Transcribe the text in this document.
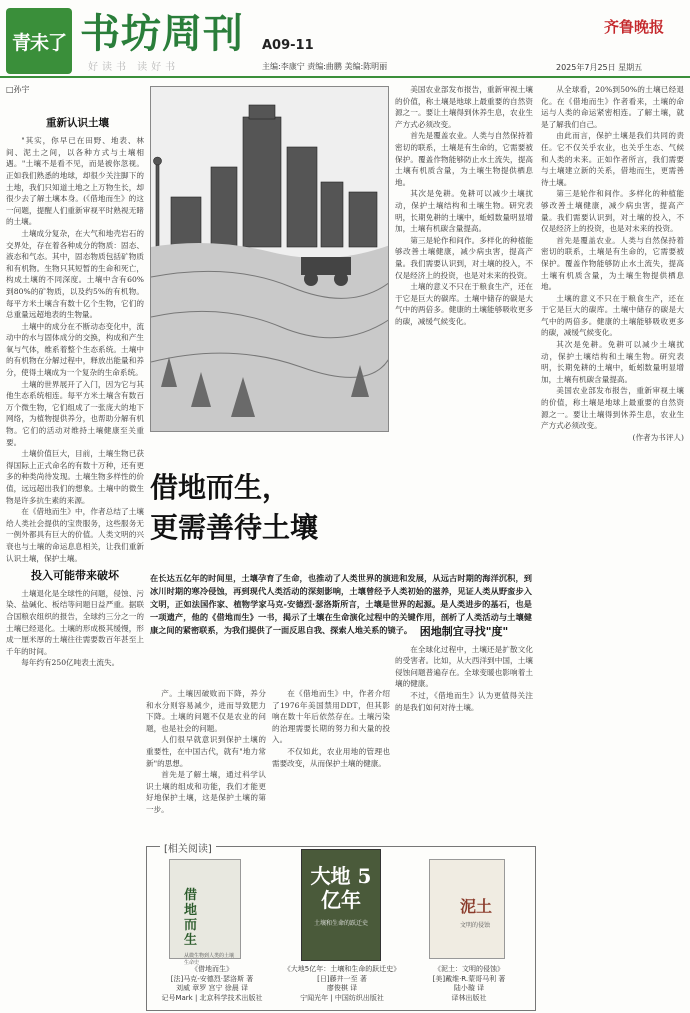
青未了 书坊周刊 A09-11
好读书 读好书	主编:李康宁 责编:曲鹏 美编:陈明丽
齐鲁晚报
2025年7月25日 星期五
□孙宇
重新认识土壤

"其实，你早已在田野、地表、林间、泥土之间，以各种方式与土壤相遇。"土壤不是看不见，而是被你忽视。正如我们熟悉的地球，却很少关注脚下的土地，我们只知道土地之上万物生长，却很少去了解土壤本身。(《借地而生》的这一问题，提醒人们重新审视平时熟视无睹的土壤。

土壤成分复杂，在大气和地壳岩石的交界处，存在着各种成分的物质：固态、液态和气态。其中，固态物质包括矿物质和有机物。生物只其短暂的生命和死亡，构成土壤的不同深度。土壤中含有60%到80%的矿物质，以及约5%的有机物。每平方米土壤含有数十亿个生物，它们的总重量远超地表的生物量。

土壤中的成分在不断动态变化中，流动中的水与固体成分的交换，构成和产生氧与气体，维系着整个生态系统。土壤中的有机物在分解过程中，释放出能量和养分，使得土壤成为一个复杂的生命系统。

土壤的世界展开了入门，因为它与其他生态系统相连。每平方米土壤含有数百万个微生物，它们组成了一张庞大的地下网络，为植物提供养分，也帮助分解有机物。它们的活动对维持土壤健康至关重要。

土壤价值巨大，目前，土壤生物已获得国际上正式命名的有数十万种，还有更多的种类尚待发现。土壤生物多样性的价值，远远超出我们的想象。土壤中的微生物是许多抗生素的来源。

在《借地而生》中，作者总结了土壤给人类社会提供的宝贵服务，这些服务无一例外都具有巨大的价值。人类文明的兴衰也与土壤的命运息息相关，让我们重新认识土壤，保护土壤。

投入可能带来破坏

土壤退化是全球性的问题，侵蚀、污染、盐碱化、板结等问题日益严重。据联合国粮农组织的报告，全球约三分之一的土壤已经退化。土壤的形成极其缓慢，形成一厘米厚的土壤往往需要数百年甚至上千年的时间。

每年约有250亿吨表土流失。

借地而生，
更需善待土壤

美国农业部发布报告，重新审视土壤的价值，称土壤是地球上最重要的自然资源之一。要让土壤得到休养生息，农业生产方式必须改变。

首先是覆盖农业。人类与自然保持着密切的联系，土壤是有生命的，它需要被保护。覆盖作物能够防止水土流失，提高土壤有机质含量，为土壤生物提供栖息地。

其次是免耕。免耕可以减少土壤扰动，保护土壤结构和土壤生物。研究表明，长期免耕的土壤中，蚯蚓数量明显增加，土壤有机碳含量提高。

第三是轮作和间作。多样化的种植能够改善土壤健康，减少病虫害，提高产量。我们需要认识到，对土壤的投入，不仅是经济上的投资，也是对未来的投资。

土壤的意义不只在于粮食生产，还在于它是巨大的碳库。土壤中储存的碳是大气中的两倍多。健康的土壤能够吸收更多的碳，减缓气候变化。

困地制宜寻找"度"

在全球化过程中，土壤还是扩散文化的受害者。比如，从大西洋到中国，土壤侵蚀问题普遍存在。全球变暖也影响着土壤的健康。

不过，《借地而生》认为更值得关注的是我们如何对待土壤。

从全球看，20%到50%的土壤已经退化。在《借地而生》作者看来，土壤的命运与人类的命运紧密相连。了解土壤，就是了解我们自己。

由此而言，保护土壤是我们共同的责任。它不仅关乎农业，也关乎生态、气候和人类的未来。正如作者所言，我们需要与土壤建立新的关系，借地而生，更需善待土壤。

第三是轮作和间作。多样化的种植能够改善土壤健康，减少病虫害，提高产量。我们需要认识到，对土壤的投入，不仅是经济上的投资，也是对未来的投资。

首先是覆盖农业。人类与自然保持着密切的联系，土壤是有生命的，它需要被保护。覆盖作物能够防止水土流失，提高土壤有机质含量，为土壤生物提供栖息地。

土壤的意义不只在于粮食生产，还在于它是巨大的碳库。土壤中储存的碳是大气中的两倍多。健康的土壤能够吸收更多的碳，减缓气候变化。

其次是免耕。免耕可以减少土壤扰动，保护土壤结构和土壤生物。研究表明，长期免耕的土壤中，蚯蚓数量明显增加，土壤有机碳含量提高。

美国农业部发布报告，重新审视土壤的价值，称土壤是地球上最重要的自然资源之一。要让土壤得到休养生息，农业生产方式必须改变。

(作者为书评人)

在长达五亿年的时间里，土壤孕育了生命，也推动了人类世界的演进和发展，从远古时期的海洋沉积，到冰川时期的寒冷侵蚀，再到现代人类活动的深刻影响，土壤曾经予人类初始的滋养，见证人类从野蛮步入文明，正如法国作家、植物学家马克-安德烈·瑟洛斯所言，土壤是世界的起源。是人类进步的基石，也是一项遗产，他的《借地而生》一书，揭示了土壤在生命演化过程中的关键作用，剖析了人类活动与土壤健康之间的紧密联系，为我们提供了一面反思自我、探索人地关系的镜子。

产。土壤因破败而下降，养分和水分则容易减少，进而导致肥力下降。土壤的问题不仅是农业的问题，也是社会的问题。

人们很早就意识到保护土壤的重要性，在中国古代，就有"地力常新"的思想。

首先是了解土壤，通过科学认识土壤的组成和功能，我们才能更好地保护土壤，这是保护土壤的第一步。

在《借地而生》中，作者介绍了1976年美国禁用DDT，但其影响在数十年后依然存在。土壤污染的治理需要长期的努力和大量的投入。

不仅如此，农业用地的管理也需要改变，从而保护土壤的健康。

借地而生
从微生物到人类的土壤生命史
《借地而生》
[法]马克-安德烈·瑟洛斯 著
刘威 章罗 宫宁 徐晨 译
记号Mark | 北京科学技术出版社
大地 5亿年
土壤和生命的跃迁史
《大地5亿年：土壤和生命的跃迁史》
[日]藤井一至 著
廖俊棋 译
宁闻光年 | 中国纺织出版社
泥土
文明的侵蚀
《泥土：文明的侵蚀》
[美]戴维·R.蒙哥马利 著
陆小璇 译
译林出版社
[相关阅读]
